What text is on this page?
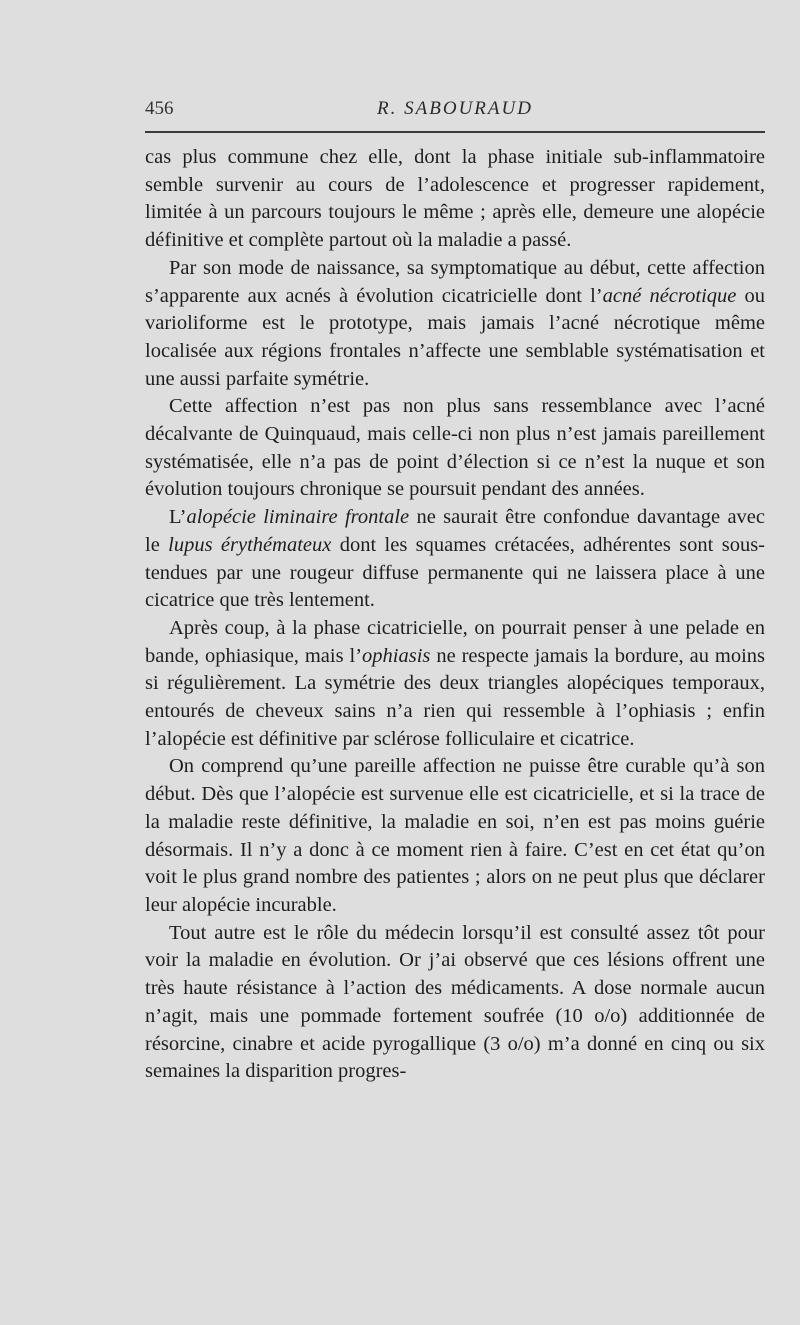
456	R. SABOURAUD

cas plus commune chez elle, dont la phase initiale sub-inflammatoire semble survenir au cours de l’adolescence et progresser rapidement, limitée à un parcours toujours le même ; après elle, demeure une alopécie définitive et complète partout où la maladie a passé.

Par son mode de naissance, sa symptomatique au début, cette affection s’apparente aux acnés à évolution cicatricielle dont l’acné nécrotique ou varioliforme est le prototype, mais jamais l’acné nécrotique même localisée aux régions frontales n’affecte une semblable systématisation et une aussi parfaite symétrie.

Cette affection n’est pas non plus sans ressemblance avec l’acné décalvante de Quinquaud, mais celle-ci non plus n’est jamais pareillement systématisée, elle n’a pas de point d’élection si ce n’est la nuque et son évolution toujours chronique se poursuit pendant des années.

L’alopécie liminaire frontale ne saurait être confondue davantage avec le lupus érythémateux dont les squames crétacées, adhérentes sont sous-tendues par une rougeur diffuse permanente qui ne laissera place à une cicatrice que très lentement.

Après coup, à la phase cicatricielle, on pourrait penser à une pelade en bande, ophiasique, mais l’ophiasis ne respecte jamais la bordure, au moins si régulièrement. La symétrie des deux triangles alopéciques temporaux, entourés de cheveux sains n’a rien qui ressemble à l’ophiasis ; enfin l’alopécie est définitive par sclérose folliculaire et cicatrice.

On comprend qu’une pareille affection ne puisse être curable qu’à son début. Dès que l’alopécie est survenue elle est cicatricielle, et si la trace de la maladie reste définitive, la maladie en soi, n’en est pas moins guérie désormais. Il n’y a donc à ce moment rien à faire. C’est en cet état qu’on voit le plus grand nombre des patientes ; alors on ne peut plus que déclarer leur alopécie incurable.

Tout autre est le rôle du médecin lorsqu’il est consulté assez tôt pour voir la maladie en évolution. Or j’ai observé que ces lésions offrent une très haute résistance à l’action des médicaments. A dose normale aucun n’agit, mais une pommade fortement soufrée (10 o/o) additionnée de résorcine, cinabre et acide pyrogallique (3 o/o) m’a donné en cinq ou six semaines la disparition progres-
